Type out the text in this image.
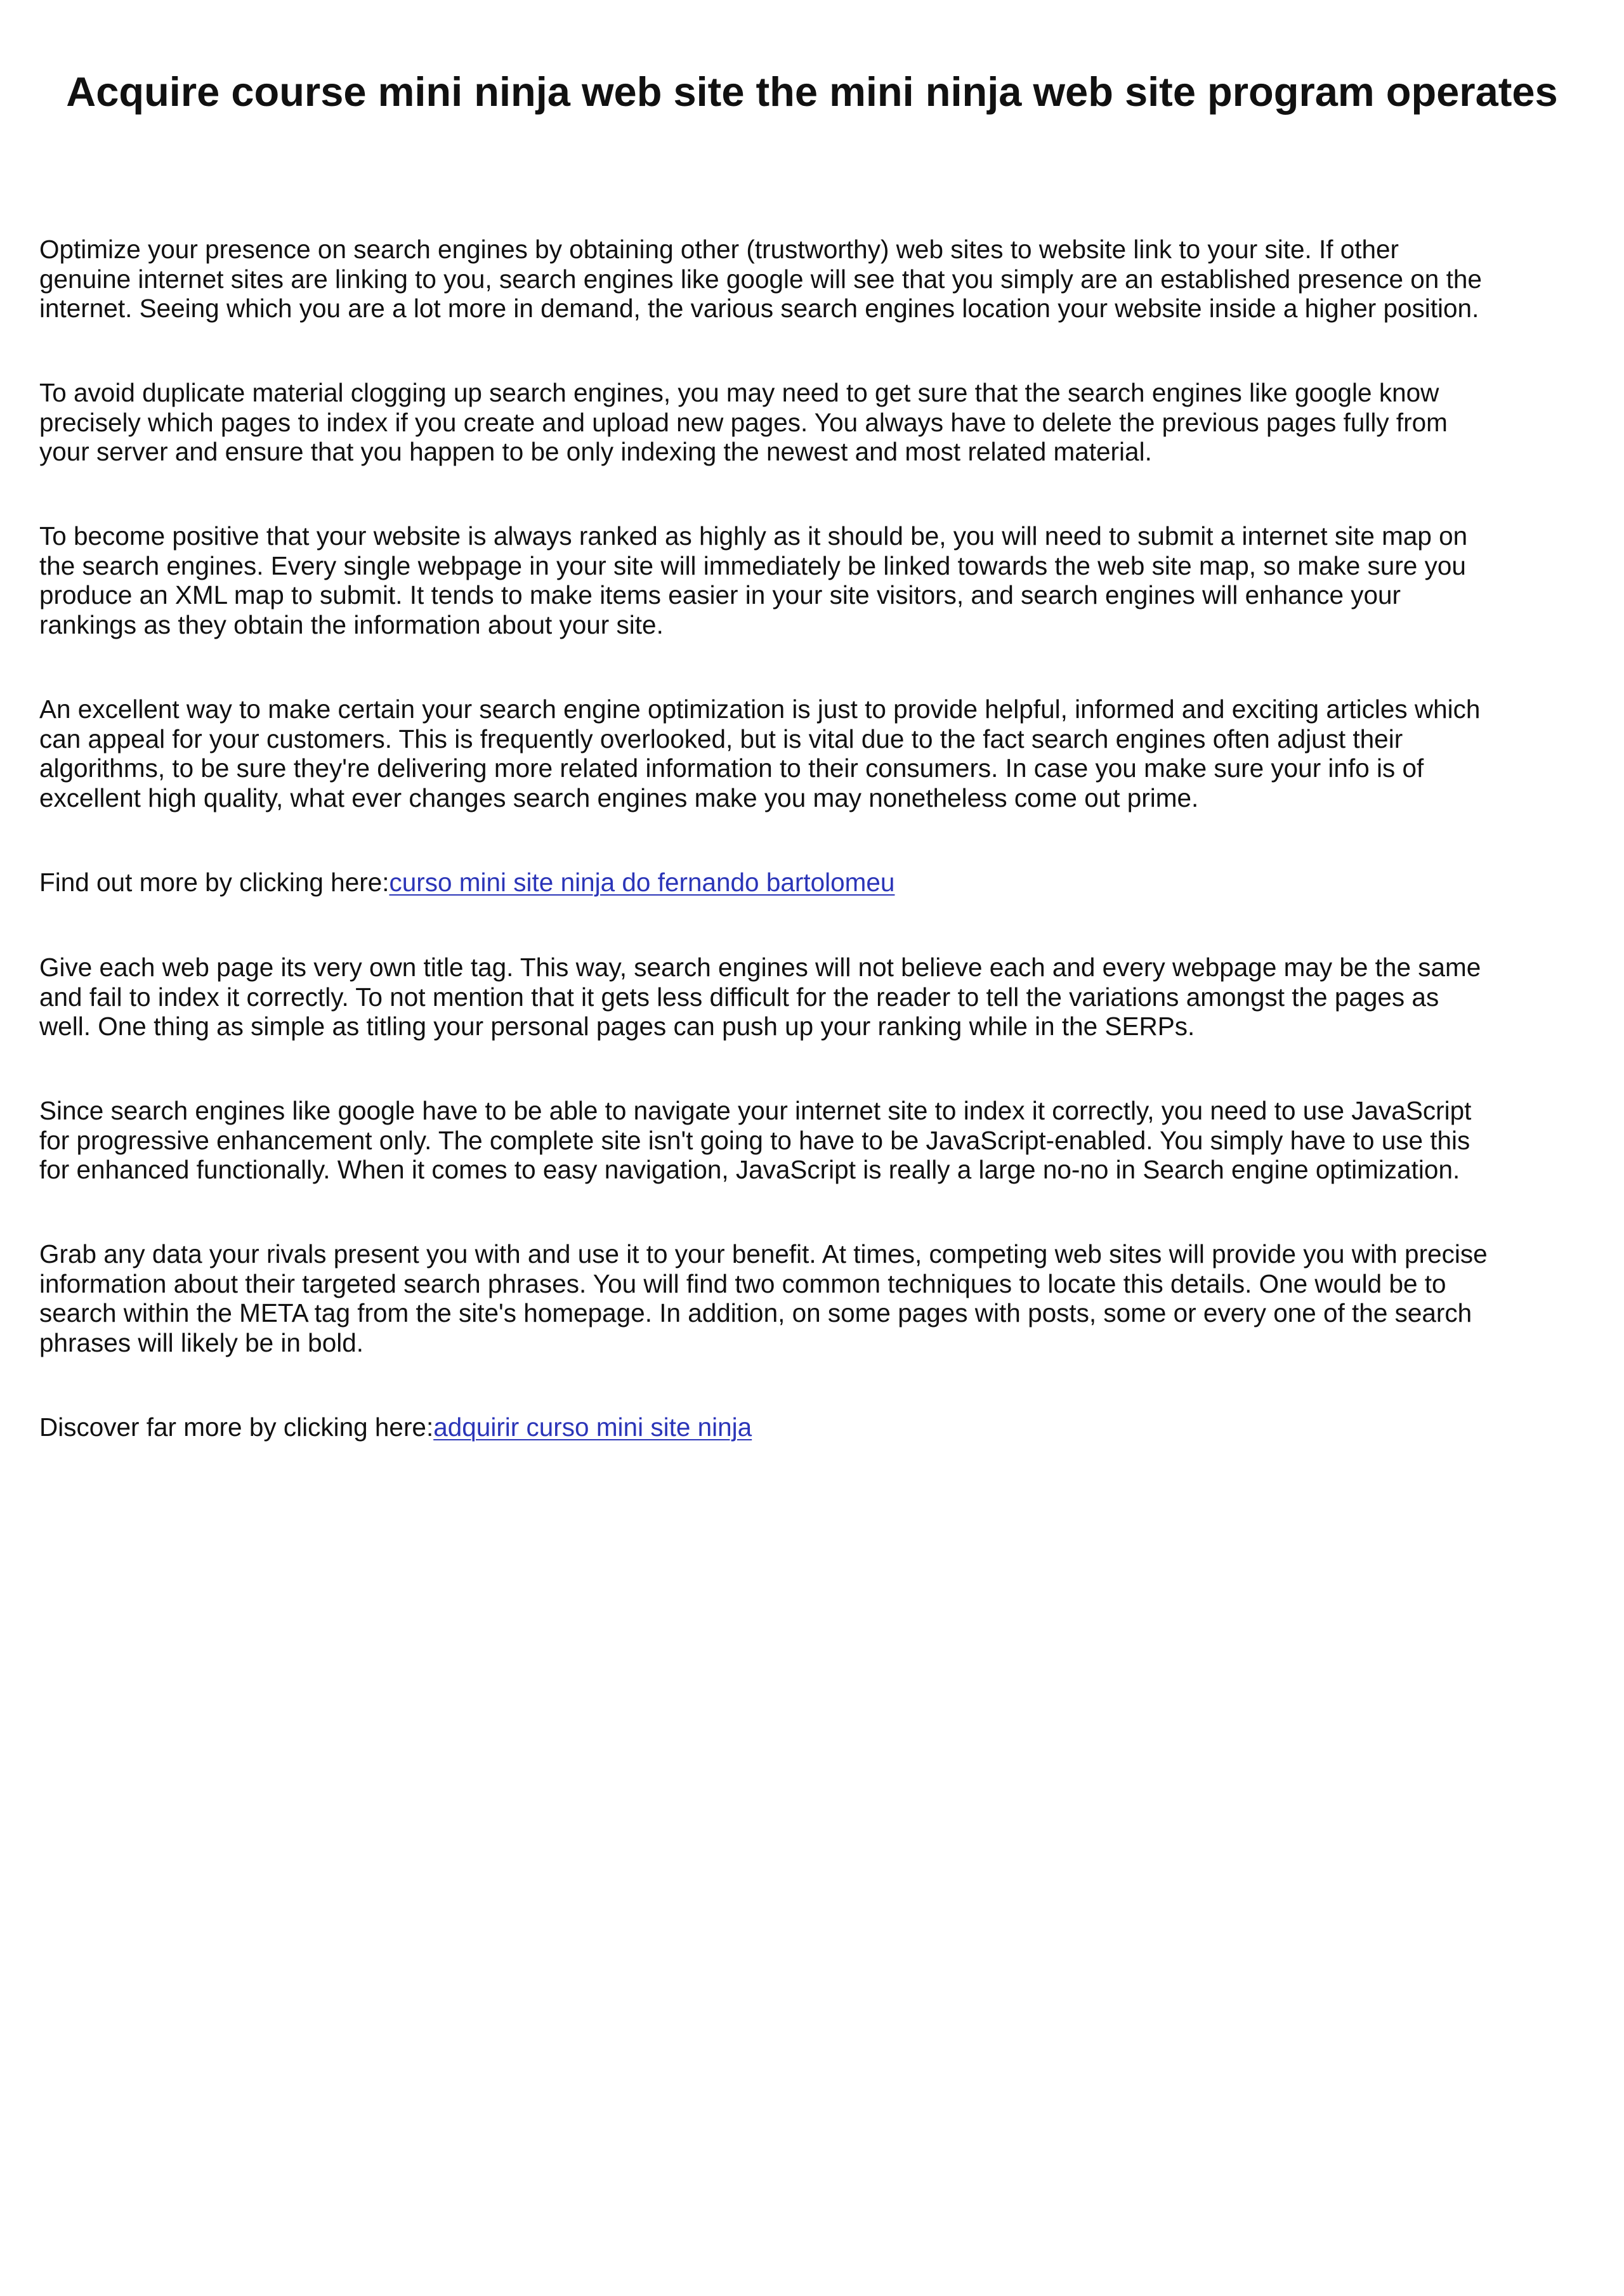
Acquire course mini ninja web site the mini ninja web site program operates

Optimize your presence on search engines by obtaining other (trustworthy) web sites to website link to your site. If other
genuine internet sites are linking to you, search engines like google will see that you simply are an established presence on the
internet. Seeing which you are a lot more in demand, the various search engines location your website inside a higher position.

To avoid duplicate material clogging up search engines, you may need to get sure that the search engines like google know
precisely which pages to index if you create and upload new pages. You always have to delete the previous pages fully from
your server and ensure that you happen to be only indexing the newest and most related material.

To become positive that your website is always ranked as highly as it should be, you will need to submit a internet site map on
the search engines. Every single webpage in your site will immediately be linked towards the web site map, so make sure you
produce an XML map to submit. It tends to make items easier in your site visitors, and search engines will enhance your
rankings as they obtain the information about your site.

An excellent way to make certain your search engine optimization is just to provide helpful, informed and exciting articles which
can appeal for your customers. This is frequently overlooked, but is vital due to the fact search engines often adjust their
algorithms, to be sure they're delivering more related information to their consumers. In case you make sure your info is of
excellent high quality, what ever changes search engines make you may nonetheless come out prime.

Find out more by clicking here:curso mini site ninja do fernando bartolomeu

Give each web page its very own title tag. This way, search engines will not believe each and every webpage may be the same
and fail to index it correctly. To not mention that it gets less difficult for the reader to tell the variations amongst the pages as
well. One thing as simple as titling your personal pages can push up your ranking while in the SERPs.

Since search engines like google have to be able to navigate your internet site to index it correctly, you need to use JavaScript
for progressive enhancement only. The complete site isn't going to have to be JavaScript-enabled. You simply have to use this
for enhanced functionally. When it comes to easy navigation, JavaScript is really a large no-no in Search engine optimization.

Grab any data your rivals present you with and use it to your benefit. At times, competing web sites will provide you with precise
information about their targeted search phrases. You will find two common techniques to locate this details. One would be to
search within the META tag from the site's homepage. In addition, on some pages with posts, some or every one of the search
phrases will likely be in bold.

Discover far more by clicking here:adquirir curso mini site ninja
